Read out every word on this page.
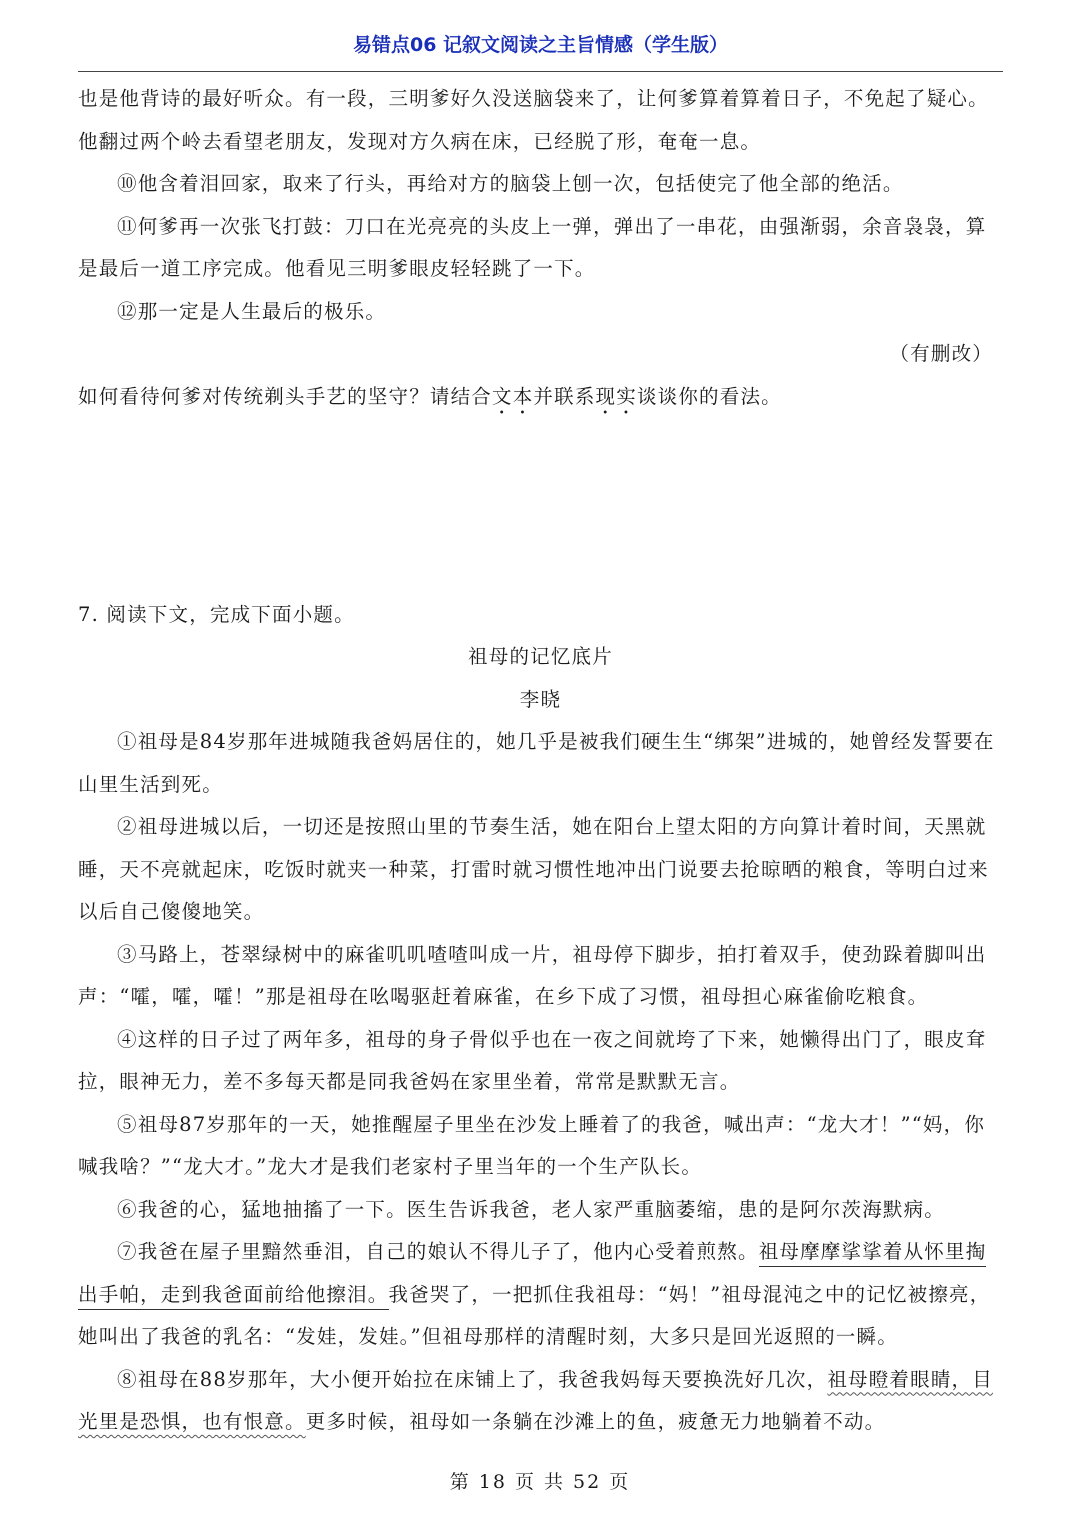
易错点06 记叙文阅读之主旨情感（学生版）

也是他背诗的最好听众。有一段，三明爹好久没送脑袋来了，让何爹算着算着日子，不免起了疑心。他翻过两个岭去看望老朋友，发现对方久病在床，已经脱了形，奄奄一息。

⑩他含着泪回家，取来了行头，再给对方的脑袋上刨一次，包括使完了他全部的绝活。

⑪何爹再一次张飞打鼓：刀口在光亮亮的头皮上一弹，弹出了一串花，由强渐弱，余音袅袅，算是最后一道工序完成。他看见三明爹眼皮轻轻跳了一下。

⑫那一定是人生最后的极乐。

（有删改）

如何看待何爹对传统剃头手艺的坚守？请结合文本并联系现实谈谈你的看法。

7. 阅读下文，完成下面小题。

祖母的记忆底片

李晓

①祖母是84岁那年进城随我爸妈居住的，她几乎是被我们硬生生“绑架”进城的，她曾经发誓要在山里生活到死。

②祖母进城以后，一切还是按照山里的节奏生活，她在阳台上望太阳的方向算计着时间，天黑就睡，天不亮就起床，吃饭时就夹一种菜，打雷时就习惯性地冲出门说要去抢晾晒的粮食，等明白过来以后自己傻傻地笑。

③马路上，苍翠绿树中的麻雀叽叽喳喳叫成一片，祖母停下脚步，拍打着双手，使劲跺着脚叫出声：“嚯，嚯，嚯！”那是祖母在吆喝驱赶着麻雀，在乡下成了习惯，祖母担心麻雀偷吃粮食。

④这样的日子过了两年多，祖母的身子骨似乎也在一夜之间就垮了下来，她懒得出门了，眼皮耷拉，眼神无力，差不多每天都是同我爸妈在家里坐着，常常是默默无言。

⑤祖母87岁那年的一天，她推醒屋子里坐在沙发上睡着了的我爸，喊出声：“龙大才！”“妈，你喊我啥？”“龙大才。”龙大才是我们老家村子里当年的一个生产队长。

⑥我爸的心，猛地抽搐了一下。医生告诉我爸，老人家严重脑萎缩，患的是阿尔茨海默病。

⑦我爸在屋子里黯然垂泪，自己的娘认不得儿子了，他内心受着煎熬。祖母摩摩挲挲着从怀里掏出手帕，走到我爸面前给他擦泪。我爸哭了，一把抓住我祖母：“妈！”祖母混沌之中的记忆被擦亮，她叫出了我爸的乳名：“发娃，发娃。”但祖母那样的清醒时刻，大多只是回光返照的一瞬。

⑧祖母在88岁那年，大小便开始拉在床铺上了，我爸我妈每天要换洗好几次，祖母瞪着眼睛，目光里是恐惧，也有恨意。更多时候，祖母如一条躺在沙滩上的鱼，疲惫无力地躺着不动。

第 18 页 共 52 页
